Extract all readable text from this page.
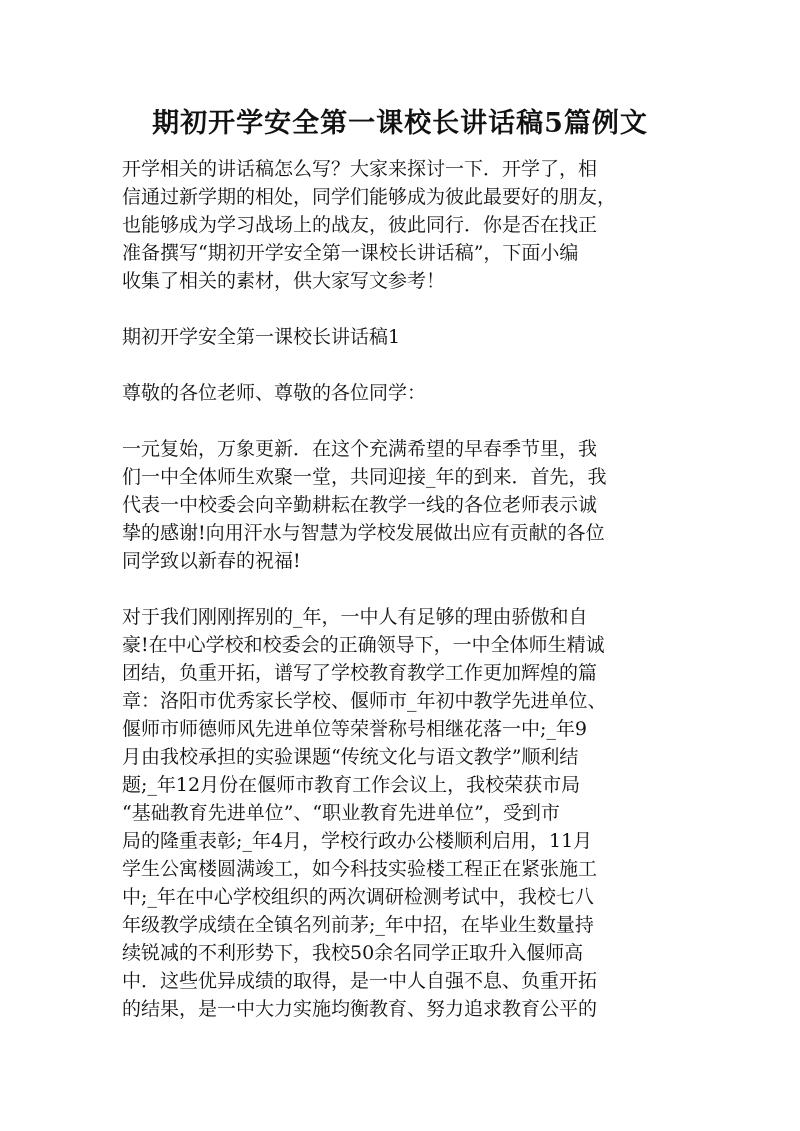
期初开学安全第一课校长讲话稿5篇例文
开学相关的讲话稿怎么写？大家来探讨一下．开学了，相
信通过新学期的相处，同学们能够成为彼此最要好的朋友，
也能够成为学习战场上的战友，彼此同行．你是否在找正
准备撰写“期初开学安全第一课校长讲话稿”，下面小编
收集了相关的素材，供大家写文参考！
期初开学安全第一课校长讲话稿1
尊敬的各位老师、尊敬的各位同学：
一元复始，万象更新．在这个充满希望的早春季节里，我
们一中全体师生欢聚一堂，共同迎接_年的到来．首先，我
代表一中校委会向辛勤耕耘在教学一线的各位老师表示诚
挚的感谢!向用汗水与智慧为学校发展做出应有贡献的各位
同学致以新春的祝福!
对于我们刚刚挥别的_年，一中人有足够的理由骄傲和自
豪!在中心学校和校委会的正确领导下，一中全体师生精诚
团结，负重开拓，谱写了学校教育教学工作更加辉煌的篇
章：洛阳市优秀家长学校、偃师市_年初中教学先进单位、
偃师市师德师风先进单位等荣誉称号相继花落一中;_年9
月由我校承担的实验课题“传统文化与语文教学”顺利结
题;_年12月份在偃师市教育工作会议上，我校荣获市局
“基础教育先进单位”、“职业教育先进单位”，受到市
局的隆重表彰;_年4月，学校行政办公楼顺利启用，11月
学生公寓楼圆满竣工，如今科技实验楼工程正在紧张施工
中;_年在中心学校组织的两次调研检测考试中，我校七八
年级教学成绩在全镇名列前茅;_年中招，在毕业生数量持
续锐减的不利形势下，我校50余名同学正取升入偃师高
中．这些优异成绩的取得，是一中人自强不息、负重开拓
的结果，是一中大力实施均衡教育、努力追求教育公平的
